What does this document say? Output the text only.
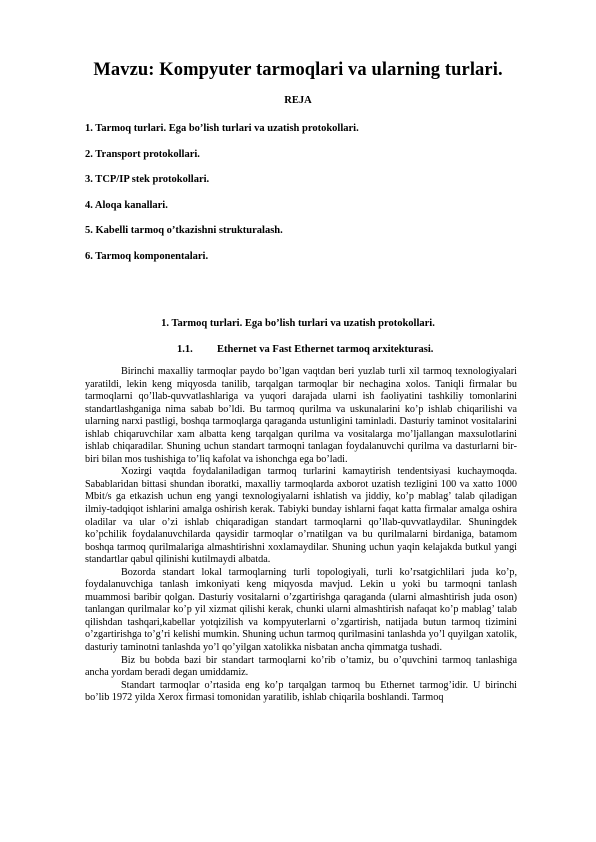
Mavzu: Kompyuter tarmoqlari va ularning turlari.
REJA
1. Tarmoq turlari. Ega bo’lish turlari va uzatish protokollari.
2. Transport protokollari.
3. TCP/IP stek protokollari.
4. Aloqa kanallari.
5. Kabelli tarmoq o’tkazishni strukturalash.
6. Tarmoq komponentalari.
1. Tarmoq turlari. Ega bo’lish turlari va uzatish protokollari.
1.1. Ethernet va Fast Ethernet tarmoq arxitekturasi.

Birinchi maxalliy tarmoqlar paydo bo’lgan vaqtdan beri yuzlab turli xil tarmoq texnologiyalari yaratildi, lekin keng miqyosda tanilib, tarqalgan tarmoqlar bir nechagina xolos. Taniqli firmalar bu tarmoqlarni qo’llab-quvvatlashlariga va yuqori darajada ularni ish faoliyatini tashkiliy tomonlarini standartlashganiga nima sabab bo’ldi. Bu tarmoq qurilma va uskunalarini ko’p ishlab chiqarilishi va ularning narxi pastligi, boshqa tarmoqlarga qaraganda ustunligini taminladi. Dasturiy taminot vositalarini ishlab chiqaruvchilar xam albatta keng tarqalgan qurilma va vositalarga mo’ljallangan maxsulotlarini ishlab chiqaradilar. Shuning uchun standart tarmoqni tanlagan foydalanuvchi qurilma va dasturlarni bir-biri bilan mos tushishiga to’liq kafolat va ishonchga ega bo’ladi.

Xozirgi vaqtda foydalaniladigan tarmoq turlarini kamaytirish tendentsiyasi kuchaymoqda. Sabablaridan bittasi shundan iboratki, maxalliy tarmoqlarda axborot uzatish tezligini 100 va xatto 1000 Mbit/s ga etkazish uchun eng yangi texnologiyalarni ishlatish va jiddiy, ko’p mablag’ talab qiladigan ilmiy-tadqiqot ishlarini amalga oshirish kerak. Tabiyki bunday ishlarni faqat katta firmalar amalga oshira oladilar va ular o’zi ishlab chiqaradigan standart tarmoqlarni qo’llab-quvvatlaydilar. Shuningdek ko’pchilik foydalanuvchilarda qaysidir tarmoqlar o’rnatilgan va bu qurilmalarni birdaniga, batamom boshqa tarmoq qurilmalariga almashtirishni xoxlamaydilar. Shuning uchun yaqin kelajakda butkul yangi standartlar qabul qilinishi kutilmaydi albatda.

Bozorda standart lokal tarmoqlarning turli topologiyali, turli ko’rsatgichlilari juda ko’p, foydalanuvchiga tanlash imkoniyati keng miqyosda mavjud. Lekin u yoki bu tarmoqni tanlash muammosi baribir qolgan. Dasturiy vositalarni o’zgartirishga qaraganda (ularni almashtirish juda oson) tanlangan qurilmalar ko’p yil xizmat qilishi kerak, chunki ularni almashtirish nafaqat ko’p mablag’ talab qilishdan tashqari,kabellar yotqizilish va kompyuterlarni o’zgartirish, natijada butun tarmoq tizimini o’zgartirishga to’g’ri kelishi mumkin. Shuning uchun tarmoq qurilmasini tanlashda yo’l quyilgan xatolik, dasturiy taminotni tanlashda yo’l qo’yilgan xatolikka nisbatan ancha qimmatga tushadi.

Biz bu bobda bazi bir standart tarmoqlarni ko’rib o’tamiz, bu o’quvchini tarmoq tanlashiga ancha yordam beradi degan umiddamiz.

Standart tarmoqlar o’rtasida eng ko’p tarqalgan tarmoq bu Ethernet tarmog’idir. U birinchi bo’lib 1972 yilda Xerox firmasi tomonidan yaratilib, ishlab chiqarila boshlandi. Tarmoq
